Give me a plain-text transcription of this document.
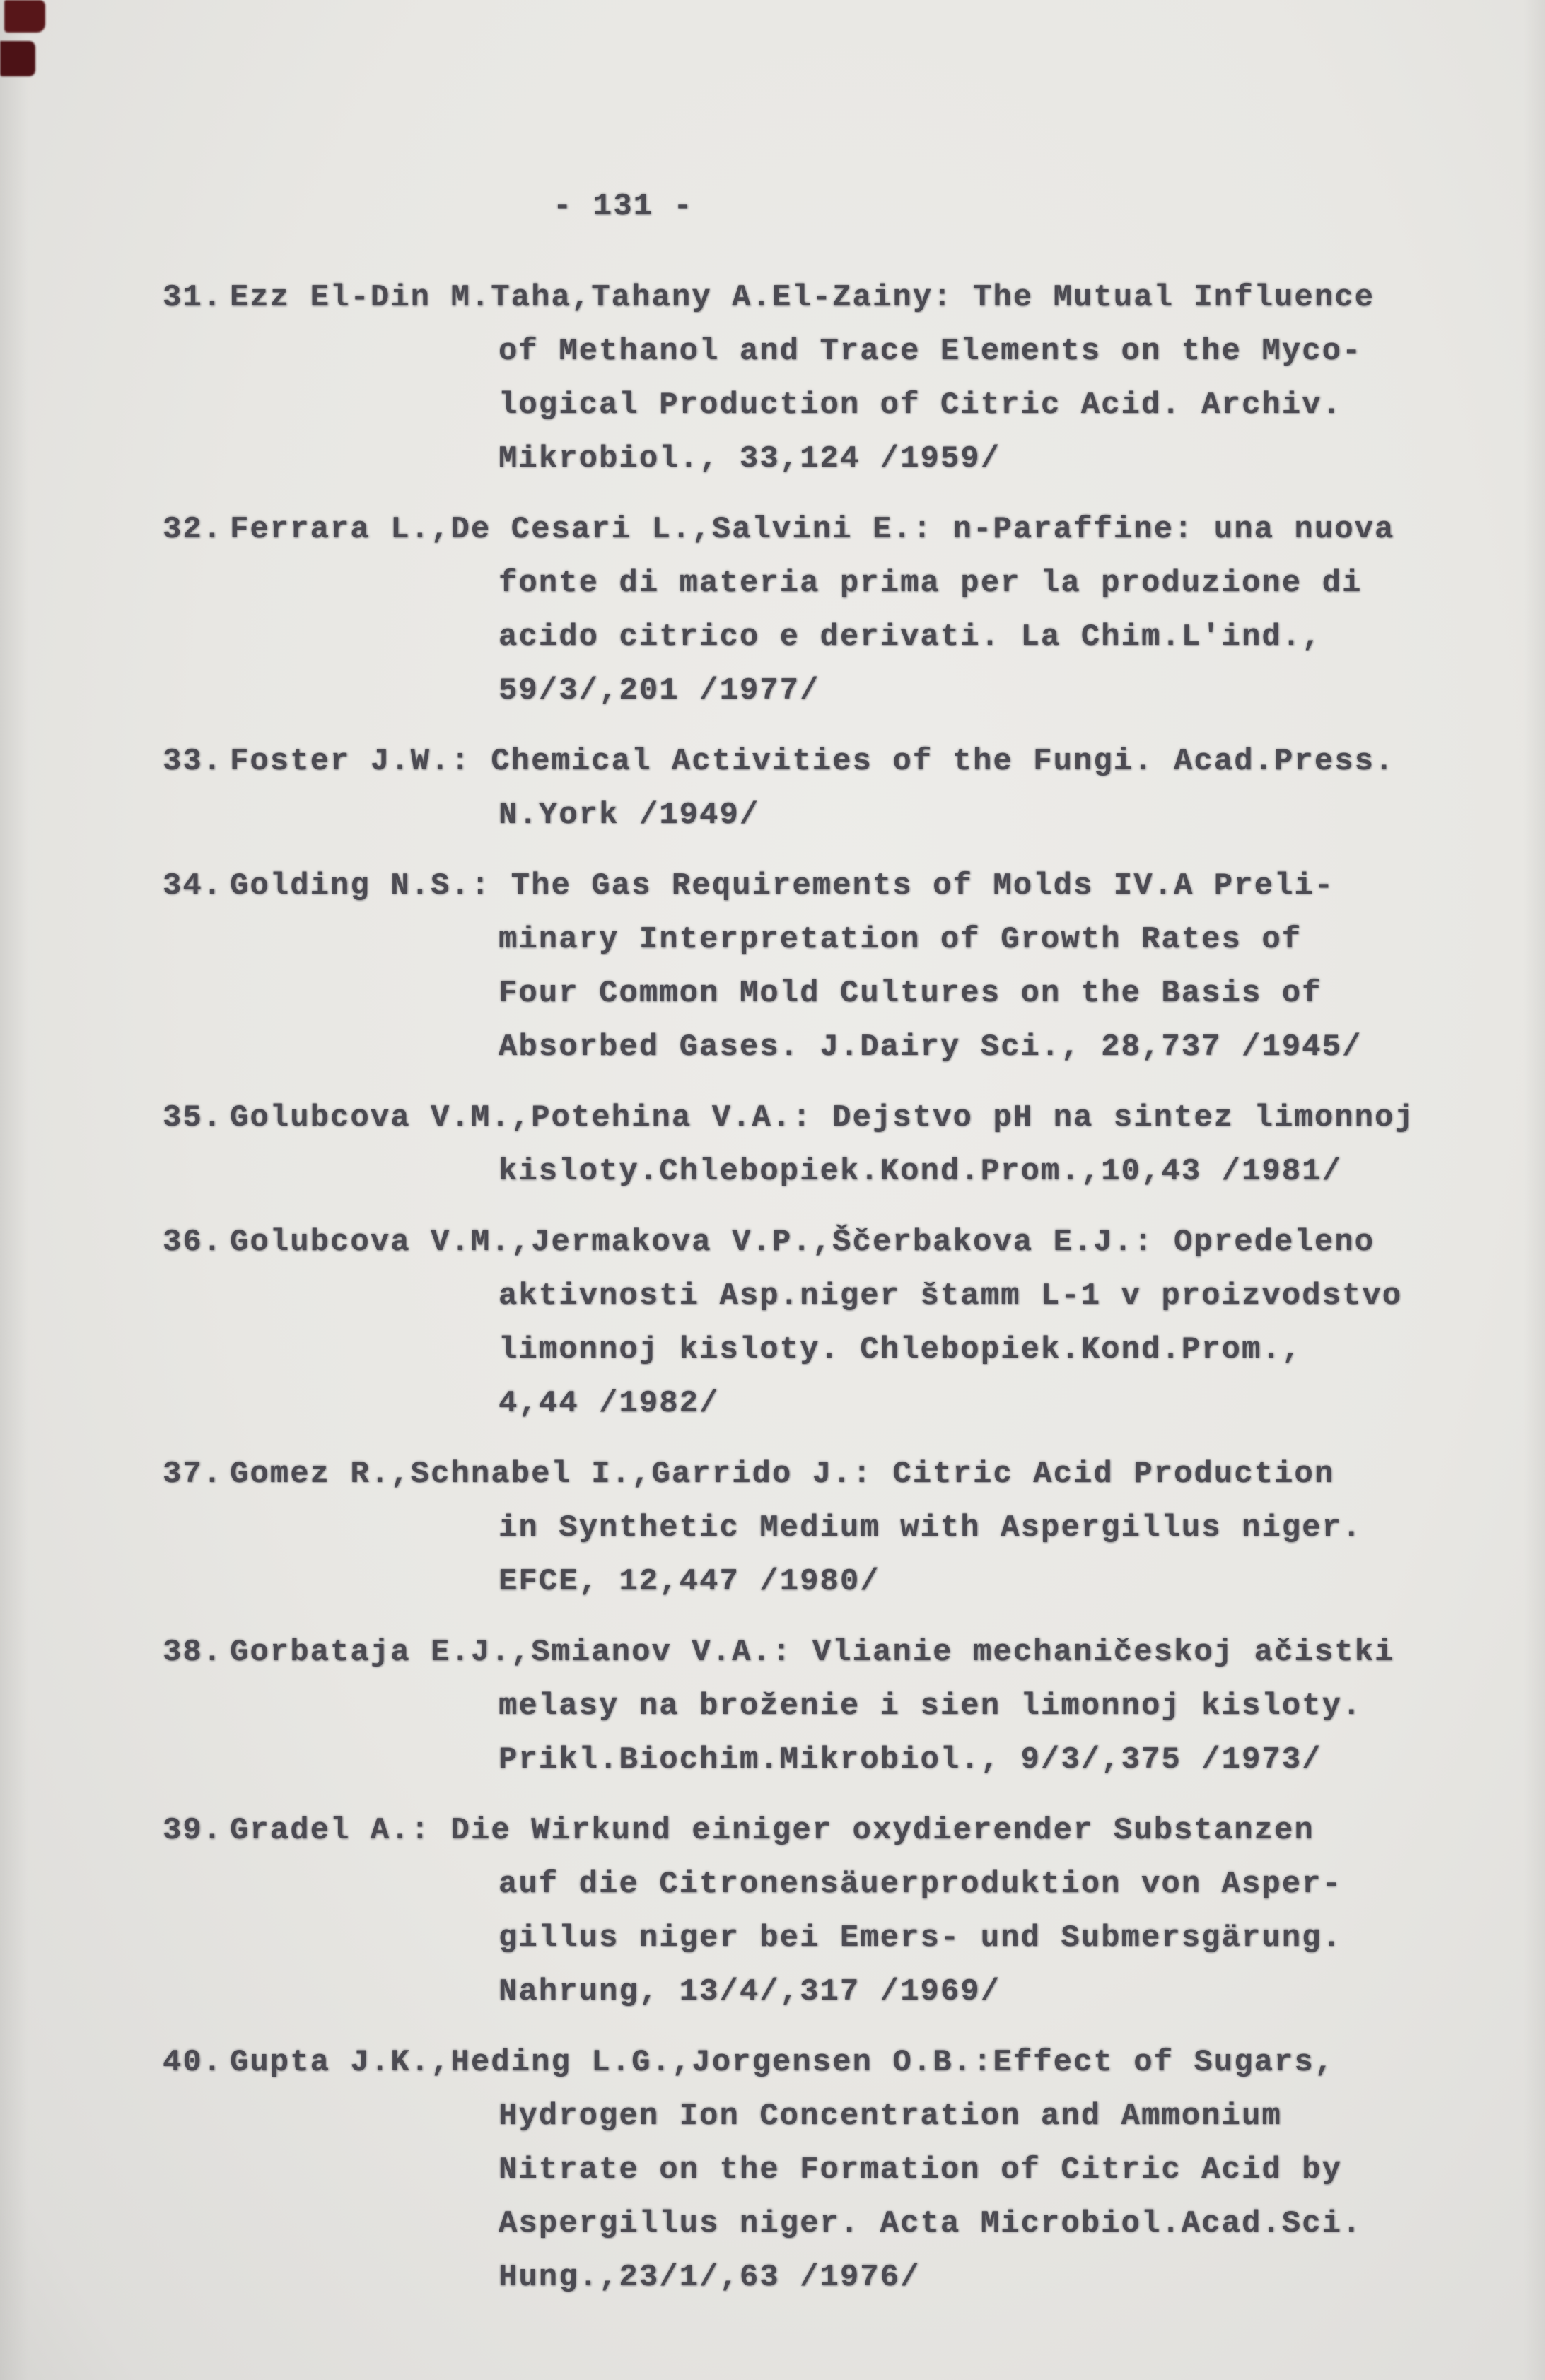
- 131 -
31. Ezz El-Din M.Taha,Tahany A.El-Zainy: The Mutual Influence
of Methanol and Trace Elements on the Myco-
logical Production of Citric Acid. Archiv.
Mikrobiol., 33,124 /1959/
32. Ferrara L.,De Cesari L.,Salvini E.: n-Paraffine: una nuova
fonte di materia prima per la produzione di
acido citrico e derivati. La Chim.L'ind.,
59/3/,201 /1977/
33. Foster J.W.: Chemical Activities of the Fungi. Acad.Press.
N.York /1949/
34. Golding N.S.: The Gas Requirements of Molds IV.A Preli-
minary Interpretation of Growth Rates of
Four Common Mold Cultures on the Basis of
Absorbed Gases. J.Dairy Sci., 28,737 /1945/
35. Golubcova V.M.,Potehina V.A.: Dejstvo pH na sintez limonnoj
kisloty.Chlebopiek.Kond.Prom.,10,43 /1981/
36. Golubcova V.M.,Jermakova V.P.,Ščerbakova E.J.: Opredeleno
aktivnosti Asp.niger štamm L-1 v proizvodstvo
limonnoj kisloty. Chlebopiek.Kond.Prom.,
4,44 /1982/
37. Gomez R.,Schnabel I.,Garrido J.: Citric Acid Production
in Synthetic Medium with Aspergillus niger.
EFCE, 12,447 /1980/
38. Gorbataja E.J.,Smianov V.A.: Vlianie mechaničeskoj ačistki
melasy na broženie i sien limonnoj kisloty.
Prikl.Biochim.Mikrobiol., 9/3/,375 /1973/
39. Gradel A.: Die Wirkund einiger oxydierender Substanzen
auf die Citronensäuerproduktion von Asper-
gillus niger bei Emers- und Submersgärung.
Nahrung, 13/4/,317 /1969/
40. Gupta J.K.,Heding L.G.,Jorgensen O.B.:Effect of Sugars,
Hydrogen Ion Concentration and Ammonium
Nitrate on the Formation of Citric Acid by
Aspergillus niger. Acta Microbiol.Acad.Sci.
Hung.,23/1/,63 /1976/
